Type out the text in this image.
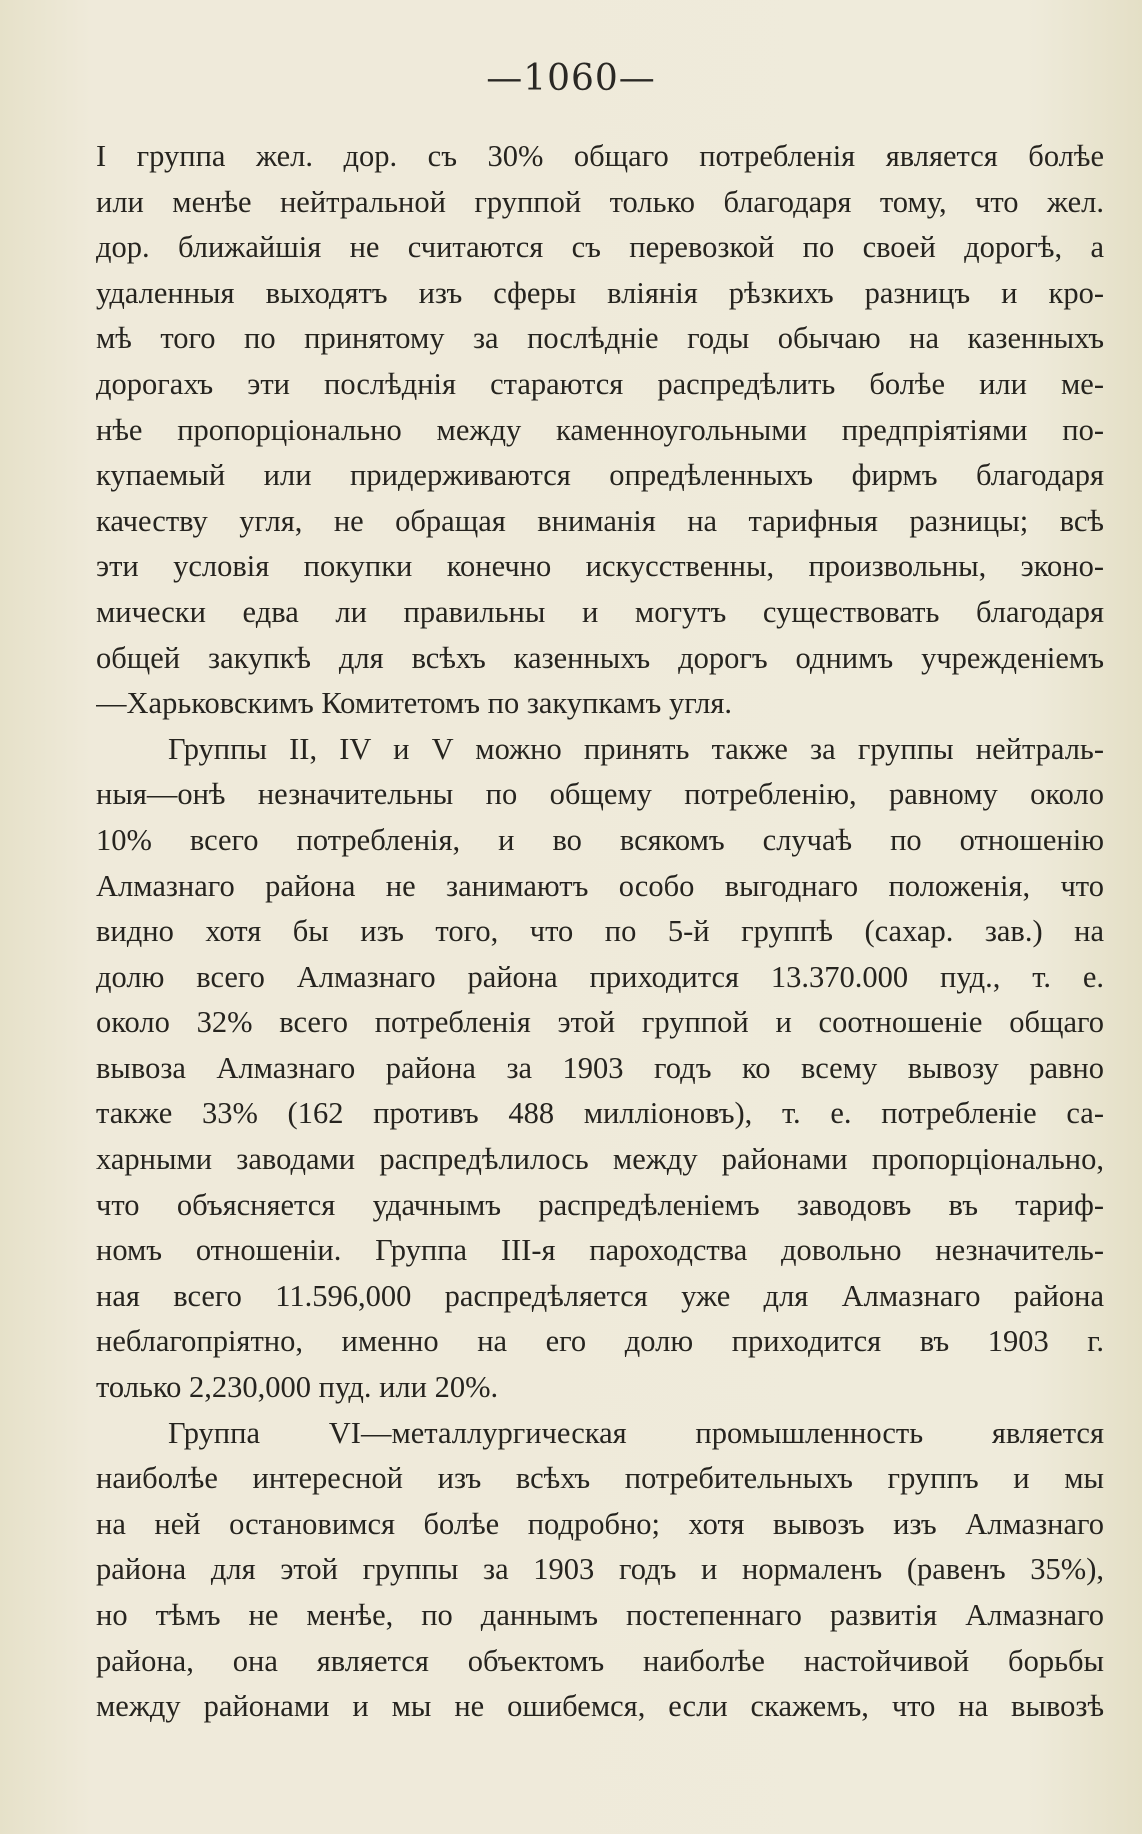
—1060—
I группа жел. дор. съ 30% общаго потребленія является болѣе
или менѣе нейтральной группой только благодаря тому, что жел.
дор. ближайшія не считаются съ перевозкой по своей дорогѣ, а
удаленныя выходятъ изъ сферы вліянія рѣзкихъ разницъ и кро-
мѣ того по принятому за послѣдніе годы обычаю на казенныхъ
дорогахъ эти послѣднія стараются распредѣлить болѣе или ме-
нѣе пропорціонально между каменноугольными предпріятіями по-
купаемый или придерживаются опредѣленныхъ фирмъ благодаря
качеству угля, не обращая вниманія на тарифныя разницы; всѣ
эти условія покупки конечно искусственны, произвольны, эконо-
мически едва ли правильны и могутъ существовать благодаря
общей закупкѣ для всѣхъ казенныхъ дорогъ однимъ учрежденіемъ
—Харьковскимъ Комитетомъ по закупкамъ угля.
Группы II, IV и V можно принять также за группы нейтраль-
ныя—онѣ незначительны по общему потребленію, равному около
10% всего потребленія, и во всякомъ случаѣ по отношенію
Алмазнаго района не занимаютъ особо выгоднаго положенія, что
видно хотя бы изъ того, что по 5-й группѣ (сахар. зав.) на
долю всего Алмазнаго района приходится 13.370.000 пуд., т. е.
около 32% всего потребленія этой группой и соотношеніе общаго
вывоза Алмазнаго района за 1903 годъ ко всему вывозу равно
также 33% (162 противъ 488 милліоновъ), т. е. потребленіе са-
харными заводами распредѣлилось между районами пропорціонально,
что объясняется удачнымъ распредѣленіемъ заводовъ въ тариф-
номъ отношеніи. Группа III-я пароходства довольно незначитель-
ная всего 11.596,000 распредѣляется уже для Алмазнаго района
неблагопріятно, именно на его долю приходится въ 1903 г.
только 2,230,000 пуд. или 20%.
Группа VI—металлургическая промышленность является
наиболѣе интересной изъ всѣхъ потребительныхъ группъ и мы
на ней остановимся болѣе подробно; хотя вывозъ изъ Алмазнаго
района для этой группы за 1903 годъ и нормаленъ (равенъ 35%),
но тѣмъ не менѣе, по даннымъ постепеннаго развитія Алмазнаго
района, она является объектомъ наиболѣе настойчивой борьбы
между районами и мы не ошибемся, если скажемъ, что на вывозѣ
